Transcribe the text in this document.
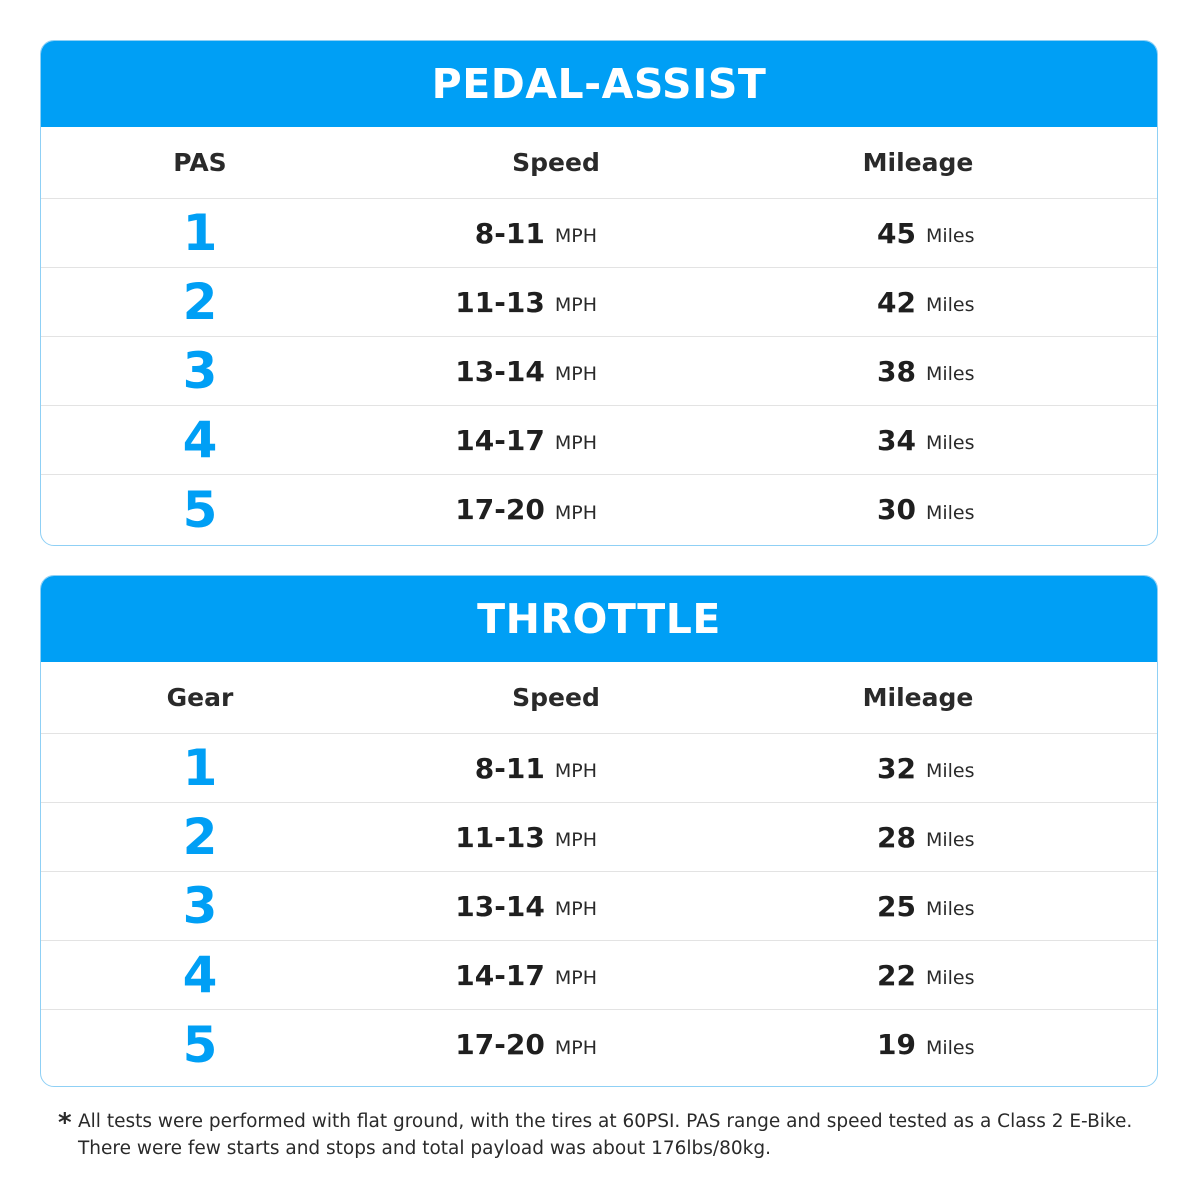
PEDAL-ASSIST
PAS	Speed	Mileage
1	8-11 MPH	45 Miles
2	11-13 MPH	42 Miles
3	13-14 MPH	38 Miles
4	14-17 MPH	34 Miles
5	17-20 MPH	30 Miles
THROTTLE
Gear	Speed	Mileage
1	8-11 MPH	32 Miles
2	11-13 MPH	28 Miles
3	13-14 MPH	25 Miles
4	14-17 MPH	22 Miles
5	17-20 MPH	19 Miles
* All tests were performed with flat ground, with the tires at 60PSI. PAS range and speed tested as a Class 2 E-Bike.
There were few starts and stops and total payload was about 176lbs/80kg.
